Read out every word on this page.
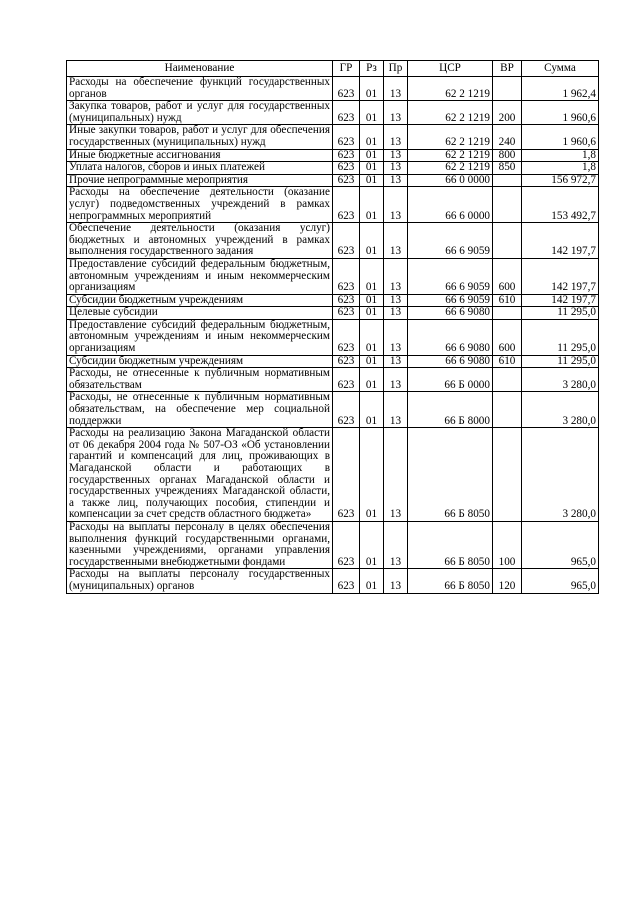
Наименование	ГР	Рз	Пр	ЦСР	ВР	Сумма
Расходы на обеспечение функций государственных органов	623	01	13	62 2 1219		1 962,4
Закупка товаров, работ и услуг для государственных (муниципальных) нужд	623	01	13	62 2 1219	200	1 960,6
Иные закупки товаров, работ и услуг для обеспечения государственных (муниципальных) нужд	623	01	13	62 2 1219	240	1 960,6
Иные бюджетные ассигнования	623	01	13	62 2 1219	800	1,8
Уплата налогов, сборов и иных платежей	623	01	13	62 2 1219	850	1,8
Прочие непрограммные мероприятия	623	01	13	66 0 0000		156 972,7
Расходы на обеспечение деятельности (оказание услуг) подведомственных учреждений в рамках непрограммных мероприятий	623	01	13	66 6 0000		153 492,7
Обеспечение деятельности (оказания услуг) бюджетных и автономных учреждений в рамках выполнения государственного задания	623	01	13	66 6 9059		142 197,7
Предоставление субсидий федеральным бюджетным, автономным учреждениям и иным некоммерческим организациям	623	01	13	66 6 9059	600	142 197,7
Субсидии бюджетным учреждениям	623	01	13	66 6 9059	610	142 197,7
Целевые субсидии	623	01	13	66 6 9080		11 295,0
Предоставление субсидий федеральным бюджетным, автономным учреждениям и иным некоммерческим организациям	623	01	13	66 6 9080	600	11 295,0
Субсидии бюджетным учреждениям	623	01	13	66 6 9080	610	11 295,0
Расходы, не отнесенные к публичным нормативным обязательствам	623	01	13	66 Б 0000		3 280,0
Расходы, не отнесенные к публичным нормативным обязательствам, на обеспечение мер социальной поддержки	623	01	13	66 Б 8000		3 280,0
Расходы на реализацию Закона Магаданской области от 06 декабря 2004 года № 507-ОЗ «Об установлении гарантий и компенсаций для лиц, проживающих в Магаданской области и работающих в государственных органах Магаданской области и государственных учреждениях Магаданской области, а также лиц, получающих пособия, стипендии и компенсации за счет средств областного бюджета»	623	01	13	66 Б 8050		3 280,0
Расходы на выплаты персоналу в целях обеспечения выполнения функций государственными органами, казенными учреждениями, органами управления государственными внебюджетными фондами	623	01	13	66 Б 8050	100	965,0
Расходы на выплаты персоналу государственных (муниципальных) органов	623	01	13	66 Б 8050	120	965,0
